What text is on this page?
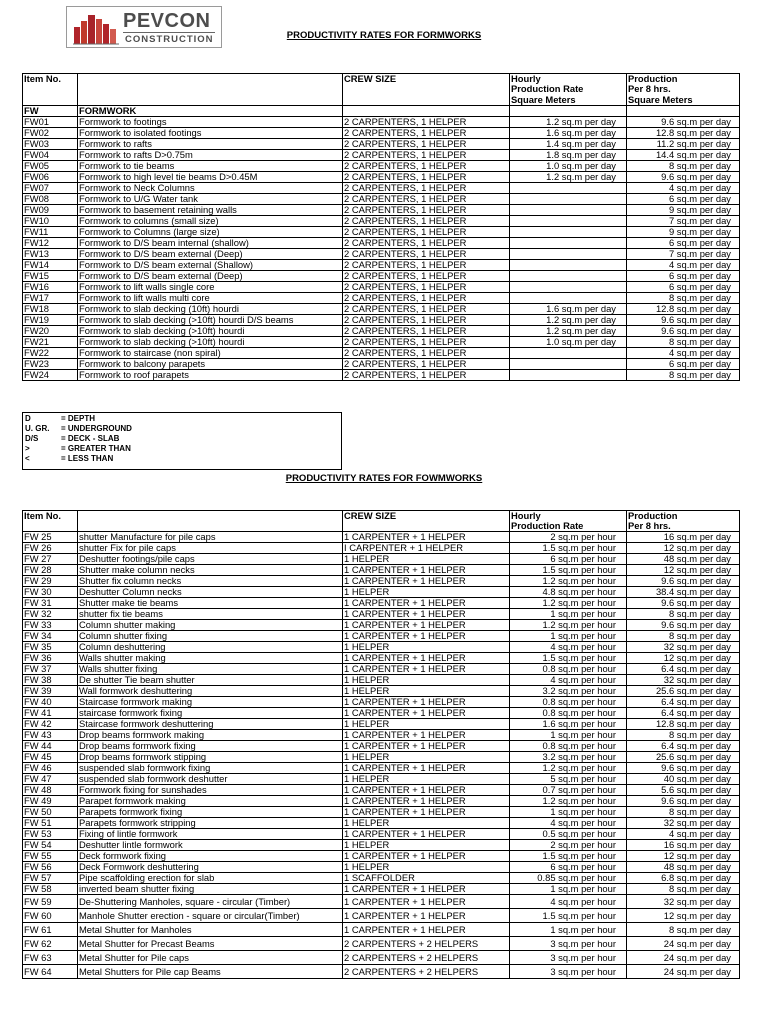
PEVCON
CONSTRUCTION	PRODUCTIVITY RATES FOR FORMWORKS
Item No.		CREW SIZE	Hourly	Production
			Production Rate	Per 8 hrs.
			Square Meters	Square Meters
FW	FORMWORK			
FW01	Formwork to footings	2 CARPENTERS, 1 HELPER	1.2 sq.m per day	9.6 sq.m per day
FW02	Formwork to isolated footings	2 CARPENTERS, 1 HELPER	1.6 sq.m per day	12.8 sq.m per day
FW03	Formwork to rafts	2 CARPENTERS, 1 HELPER	1.4 sq.m per day	11.2 sq.m per day
FW04	Formwork to rafts D>0.75m	2 CARPENTERS, 1 HELPER	1.8 sq.m per day	14.4 sq.m per day
FW05	Formwork to tie beams	2 CARPENTERS, 1 HELPER	1.0 sq.m per day	8 sq.m per day
FW06	Formwork to high level tie beams D>0.45M	2 CARPENTERS, 1 HELPER	1.2 sq.m per day	9.6 sq.m per day
FW07	Formwork to Neck Columns	2 CARPENTERS, 1 HELPER		4 sq.m per day
FW08	Formwork to U/G Water tank	2 CARPENTERS, 1 HELPER		6 sq.m per day
FW09	Formwork to basement retaining walls	2 CARPENTERS, 1 HELPER		9 sq.m per day
FW10	Formwork to columns (small size)	2 CARPENTERS, 1 HELPER		7 sq.m per day
FW11	Formwork to Columns (large size)	2 CARPENTERS, 1 HELPER		9 sq.m per day
FW12	Formwork to D/S beam internal (shallow)	2 CARPENTERS, 1 HELPER		6 sq.m per day
FW13	Formwork to D/S beam external (Deep)	2 CARPENTERS, 1 HELPER		7 sq.m per day
FW14	Formwork to D/S beam external (Shallow)	2 CARPENTERS, 1 HELPER		4 sq.m per day
FW15	Formwork to D/S beam external (Deep)	2 CARPENTERS, 1 HELPER		6 sq.m per day
FW16	Formwork to lift walls single core	2 CARPENTERS, 1 HELPER		6 sq.m per day
FW17	Formwork to lift walls multi core	2 CARPENTERS, 1 HELPER		8 sq.m per day
FW18	Formwork to slab decking (10ft) hourdi	2 CARPENTERS, 1 HELPER	1.6 sq.m per day	12.8 sq.m per day
FW19	Formwork to slab decking (>10ft) hourdi D/S beams	2 CARPENTERS, 1 HELPER	1.2 sq.m per day	9.6 sq.m per day
FW20	Formwork to slab decking (>10ft) hourdi	2 CARPENTERS, 1 HELPER	1.2 sq.m per day	9.6 sq.m per day
FW21	Formwork to slab decking (>10ft) hourdi	2 CARPENTERS, 1 HELPER	1.0 sq.m per day	8 sq.m per day
FW22	Formwork to staircase (non spiral)	2 CARPENTERS, 1 HELPER		4 sq.m per day
FW23	Formwork to balcony parapets	2 CARPENTERS, 1 HELPER		6 sq.m per day
FW24	Formwork to roof parapets	2 CARPENTERS, 1 HELPER		8 sq.m per day
D	= DEPTH
U. GR. = UNDERGROUND
D/S	= DECK - SLAB
>	= GREATER THAN
<	= LESS THAN
PRODUCTIVITY RATES FOR FOWMWORKS
Item No.		CREW SIZE	Hourly	Production
			Production Rate	Per 8 hrs.
FW 25	shutter Manufacture for pile caps	1 CARPENTER + 1 HELPER	2 sq.m per hour	16 sq.m per day
FW 26	shutter Fix for pile caps	I CARPENTER + 1 HELPER	1.5 sq.m per hour	12 sq.m per day
FW 27	Deshutter footings/pile caps	1 HELPER	6 sq.m per hour	48 sq.m per day
FW 28	Shutter make column necks	1 CARPENTER + 1 HELPER	1.5 sq.m per hour	12 sq.m per day
FW 29	Shutter fix column necks	1 CARPENTER + 1 HELPER	1.2 sq.m per hour	9.6 sq.m per day
FW 30	Deshutter Column necks	1 HELPER	4.8 sq.m per hour	38.4 sq.m per day
FW 31	Shutter make tie beams	1 CARPENTER + 1 HELPER	1.2 sq.m per hour	9.6 sq.m per day
FW 32	shutter fix tie beams	1 CARPENTER + 1 HELPER	1 sq.m per hour	8 sq.m per day
FW 33	Column shutter making	1 CARPENTER + 1 HELPER	1.2 sq.m per hour	9.6 sq.m per day
FW 34	Column shutter fixing	1 CARPENTER + 1 HELPER	1 sq.m per hour	8 sq.m per day
FW 35	Column deshuttering	1 HELPER	4 sq.m per hour	32 sq.m per day
FW 36	Walls shutter making	1 CARPENTER + 1 HELPER	1.5 sq.m per hour	12 sq.m per day
FW 37	Walls shutter fixing	1 CARPENTER + 1 HELPER	0.8 sq.m per hour	6.4 sq.m per day
FW 38	De shutter Tie beam shutter	1 HELPER	4 sq.m per hour	32 sq.m per day
FW 39	Wall formwork deshuttering	1 HELPER	3.2 sq.m per hour	25.6 sq.m per day
FW 40	Staircase formwork making	1 CARPENTER + 1 HELPER	0.8 sq.m per hour	6.4 sq.m per day
FW 41	staircase formwork fixing	1 CARPENTER + 1 HELPER	0.8 sq.m per hour	6.4 sq.m per day
FW 42	Staircase formwork deshuttering	1 HELPER	1.6 sq.m per hour	12.8 sq.m per day
FW 43	Drop beams formwork making	1 CARPENTER + 1 HELPER	1 sq.m per hour	8 sq.m per day
FW 44	Drop beams formwork fixing	1 CARPENTER + 1 HELPER	0.8 sq.m per hour	6.4 sq.m per day
FW 45	Drop beams formwork stipping	1 HELPER	3.2 sq.m per hour	25.6 sq.m per day
FW 46	suspended slab formwork fixing	1 CARPENTER + 1 HELPER	1.2 sq.m per hour	9.6 sq.m per day
FW 47	suspended slab formwork deshutter	1 HELPER	5 sq.m per hour	40 sq.m per day
FW 48	Formwork fixing for sunshades	1 CARPENTER + 1 HELPER	0.7 sq.m per hour	5.6 sq.m per day
FW 49	Parapet formwork making	1 CARPENTER + 1 HELPER	1.2 sq.m per hour	9.6 sq.m per day
FW 50	Parapets formwork fixing	1 CARPENTER + 1 HELPER	1 sq.m per hour	8 sq.m per day
FW 51	Parapets formwork stripping	1 HELPER	4 sq.m per hour	32 sq.m per day
FW 53	Fixing of lintle formwork	1 CARPENTER + 1 HELPER	0.5 sq.m per hour	4 sq.m per day
FW 54	Deshutter lintle formwork	1 HELPER	2 sq.m per hour	16 sq.m per day
FW 55	Deck formwork fixing	1 CARPENTER + 1 HELPER	1.5 sq.m per hour	12 sq.m per day
FW 56	Deck Formwork deshuttering	1 HELPER	6 sq.m per hour	48 sq.m per day
FW 57	Pipe scaffolding erection for slab	1 SCAFFOLDER	0.85 sq.m per hour	6.8 sq.m per day
FW 58	inverted beam shutter fixing	1 CARPENTER + 1 HELPER	1 sq.m per hour	8 sq.m per day
FW 59	De-Shuttering Manholes, square - circular (Timber)	1 CARPENTER + 1 HELPER	4 sq.m per hour	32 sq.m per day
FW 60	Manhole Shutter erection - square or circular(Timber)	1 CARPENTER + 1 HELPER	1.5 sq.m per hour	12 sq.m per day
FW 61	Metal Shutter for Manholes	1 CARPENTER + 1 HELPER	1 sq.m per hour	8 sq.m per day
FW 62	Metal Shutter for Precast Beams	2 CARPENTERS + 2 HELPERS	3 sq.m per hour	24 sq.m per day
FW 63	Metal Shutter for Pile caps	2 CARPENTERS + 2 HELPERS	3 sq.m per hour	24 sq.m per day
FW 64	Metal Shutters for Pile cap Beams	2 CARPENTERS + 2 HELPERS	3 sq.m per hour	24 sq.m per day
